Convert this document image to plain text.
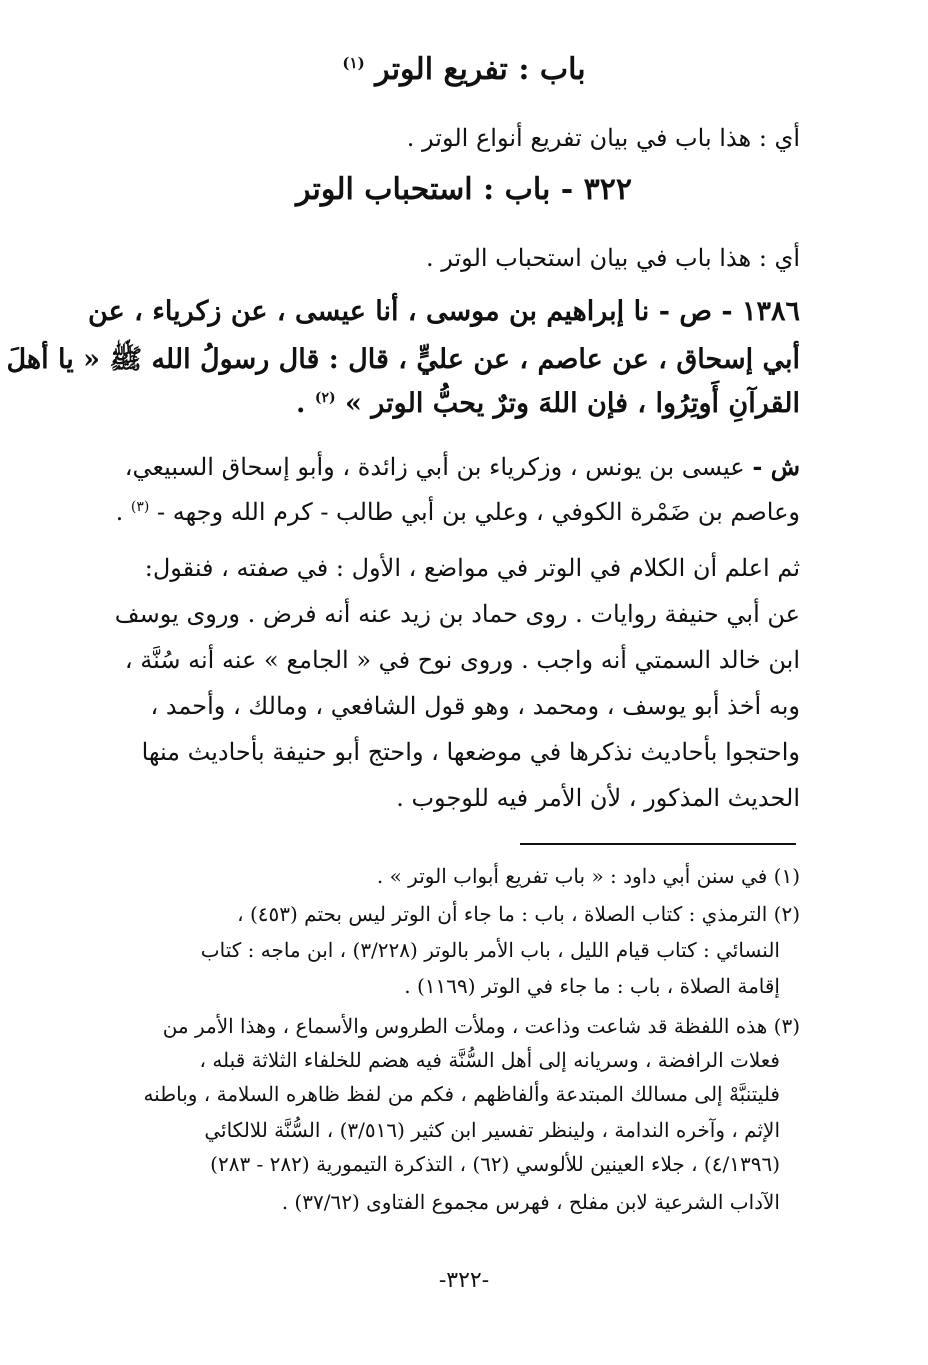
باب : تفريع الوتر $^{(١)}$
أي : هذا باب في بيان تفريع أنواع الوتر .
٣٢٢ - باب : استحباب الوتر
أي : هذا باب في بيان استحباب الوتر .
١٣٨٦ - ص - نا إبراهيم بن موسى ، أنا عيسى ، عن زكرياء ، عن
أبي إسحاق ، عن عاصم ، عن عليٍّ ، قال : قال رسولُ الله ﷺ « يا أهلَ
القرآنِ أَوتِرُوا ، فإن اللهَ وترٌ يحبُّ الوتر » $^{(٢)}$ .
ش - عيسى بن يونس ، وزكرياء بن أبي زائدة ، وأبو إسحاق السبيعي،
وعاصم بن ضَمْرة الكوفي ، وعلي بن أبي طالب - كرم الله وجهه - $^{(٣)}$ .
ثم اعلم أن الكلام في الوتر في مواضع ، الأول : في صفته ، فنقول:
عن أبي حنيفة روايات . روى حماد بن زيد عنه أنه فرض . وروى يوسف
ابن خالد السمتي أنه واجب . وروى نوح في « الجامع » عنه أنه سُنَّة ،
وبه أخذ أبو يوسف ، ومحمد ، وهو قول الشافعي ، ومالك ، وأحمد ،
واحتجوا بأحاديث نذكرها في موضعها ، واحتج أبو حنيفة بأحاديث منها
الحديث المذكور ، لأن الأمر فيه للوجوب .
(١) في سنن أبي داود : « باب تفريع أبواب الوتر » .
(٢) الترمذي : كتاب الصلاة ، باب : ما جاء أن الوتر ليس بحتم (٤٥٣) ،
النسائي : كتاب قيام الليل ، باب الأمر بالوتر (٣/٢٢٨) ، ابن ماجه : كتاب
إقامة الصلاة ، باب : ما جاء في الوتر (١١٦٩) .
(٣) هذه اللفظة قد شاعت وذاعت ، وملأت الطروس والأسماع ، وهذا الأمر من
فعلات الرافضة ، وسريانه إلى أهل السُّنَّة فيه هضم للخلفاء الثلاثة قبله ،
فليتنبَّهْ إلى مسالك المبتدعة وألفاظهم ، فكم من لفظ ظاهره السلامة ، وباطنه
الإثم ، وآخره الندامة ، ولينظر تفسير ابن كثير (٣/٥١٦) ، السُّنَّة للالكائي
(٤/١٣٩٦) ، جلاء العينين للألوسي (٦٢) ، التذكرة التيمورية (٢٨٢ - ٢٨٣)
الآداب الشرعية لابن مفلح ، فهرس مجموع الفتاوى (٣٧/٦٢) .
-٣٢٢-
